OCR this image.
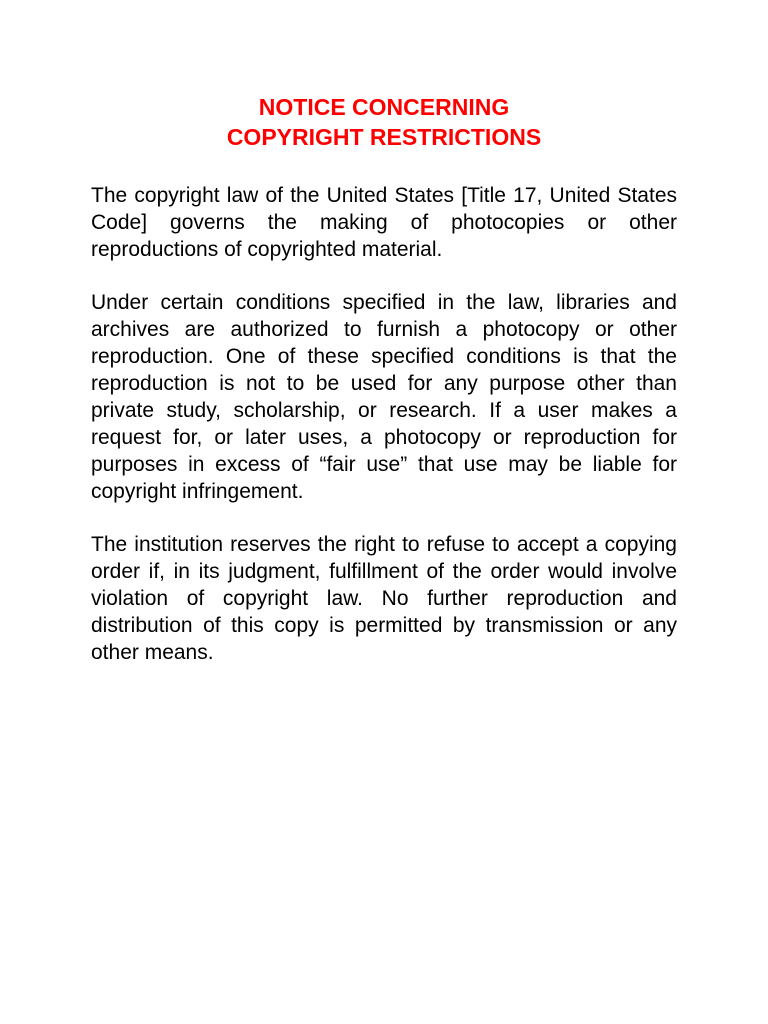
NOTICE CONCERNING
COPYRIGHT RESTRICTIONS

The copyright law of the United States [Title 17, United States Code] governs the making of photocopies or other reproductions of copyrighted material.

Under certain conditions specified in the law, libraries and archives are authorized to furnish a photocopy or other reproduction. One of these specified conditions is that the reproduction is not to be used for any purpose other than private study, scholarship, or research. If a user makes a request for, or later uses, a photocopy or reproduction for purposes in excess of “fair use” that use may be liable for copyright infringement.

The institution reserves the right to refuse to accept a copying order if, in its judgment, fulfillment of the order would involve violation of copyright law. No further reproduction and distribution of this copy is permitted by transmission or any other means.
